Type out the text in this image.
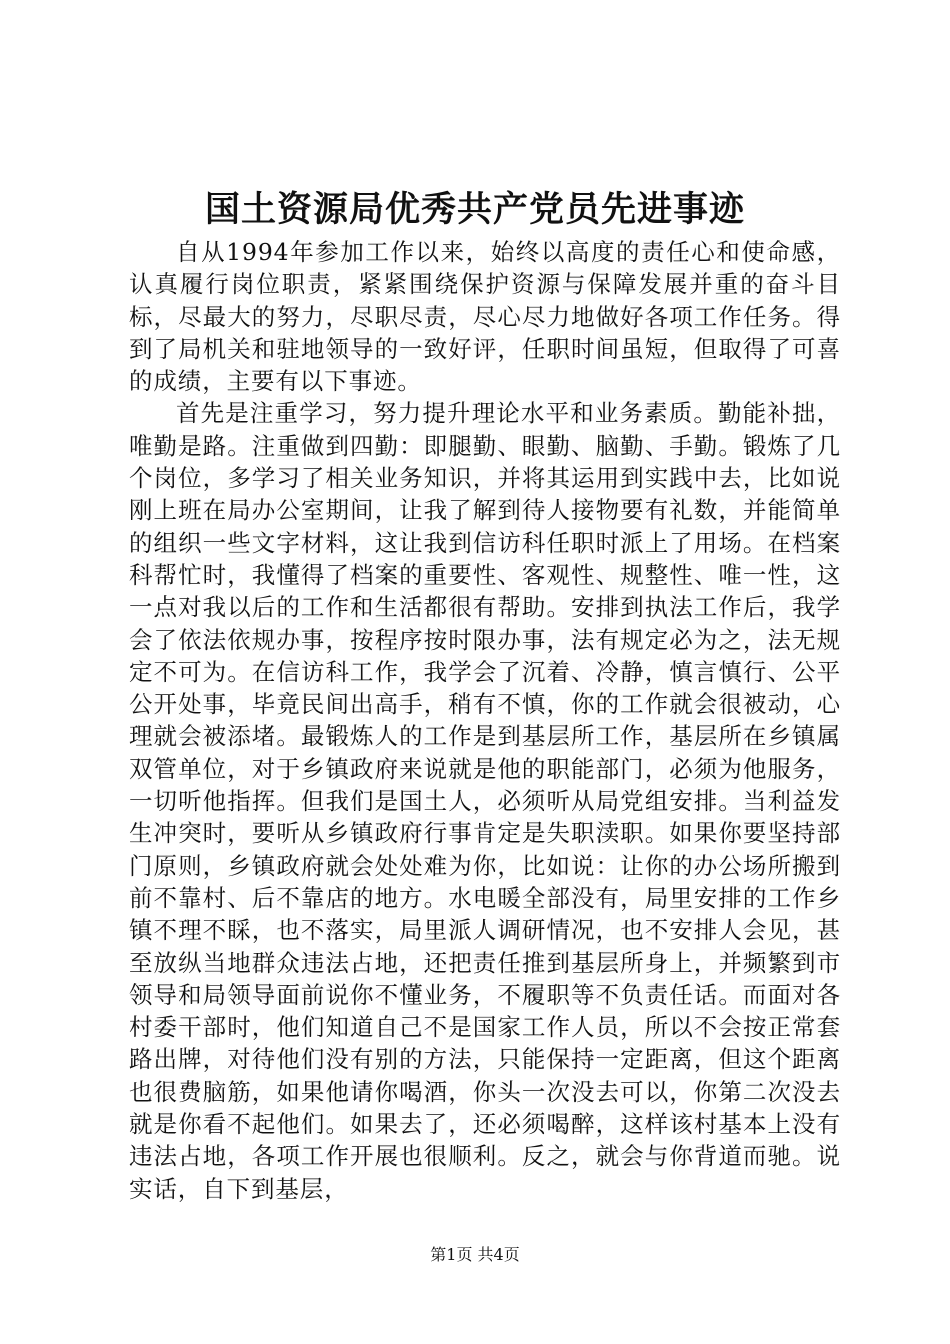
国土资源局优秀共产党员先进事迹

自从1994年参加工作以来，始终以高度的责任心和使命感，认真履行岗位职责，紧紧围绕保护资源与保障发展并重的奋斗目标，尽最大的努力，尽职尽责，尽心尽力地做好各项工作任务。得到了局机关和驻地领导的一致好评，任职时间虽短，但取得了可喜的成绩，主要有以下事迹。

首先是注重学习，努力提升理论水平和业务素质。勤能补拙，唯勤是路。注重做到四勤：即腿勤、眼勤、脑勤、手勤。锻炼了几个岗位，多学习了相关业务知识，并将其运用到实践中去，比如说刚上班在局办公室期间，让我了解到待人接物要有礼数，并能简单的组织一些文字材料，这让我到信访科任职时派上了用场。在档案科帮忙时，我懂得了档案的重要性、客观性、规整性、唯一性，这一点对我以后的工作和生活都很有帮助。安排到执法工作后，我学会了依法依规办事，按程序按时限办事，法有规定必为之，法无规定不可为。在信访科工作，我学会了沉着、冷静，慎言慎行、公平公开处事，毕竟民间出高手，稍有不慎，你的工作就会很被动，心理就会被添堵。最锻炼人的工作是到基层所工作，基层所在乡镇属双管单位，对于乡镇政府来说就是他的职能部门，必须为他服务，一切听他指挥。但我们是国土人，必须听从局党组安排。当利益发生冲突时，要听从乡镇政府行事肯定是失职渎职。如果你要坚持部门原则，乡镇政府就会处处难为你，比如说：让你的办公场所搬到前不靠村、后不靠店的地方。水电暖全部没有，局里安排的工作乡镇不理不睬，也不落实，局里派人调研情况，也不安排人会见，甚至放纵当地群众违法占地，还把责任推到基层所身上，并频繁到市领导和局领导面前说你不懂业务，不履职等不负责任话。而面对各村委干部时，他们知道自己不是国家工作人员，所以不会按正常套路出牌，对待他们没有别的方法，只能保持一定距离，但这个距离也很费脑筋，如果他请你喝酒，你头一次没去可以，你第二次没去就是你看不起他们。如果去了，还必须喝醉，这样该村基本上没有违法占地，各项工作开展也很顺利。反之，就会与你背道而驰。说实话，自下到基层，

第1页 共4页
